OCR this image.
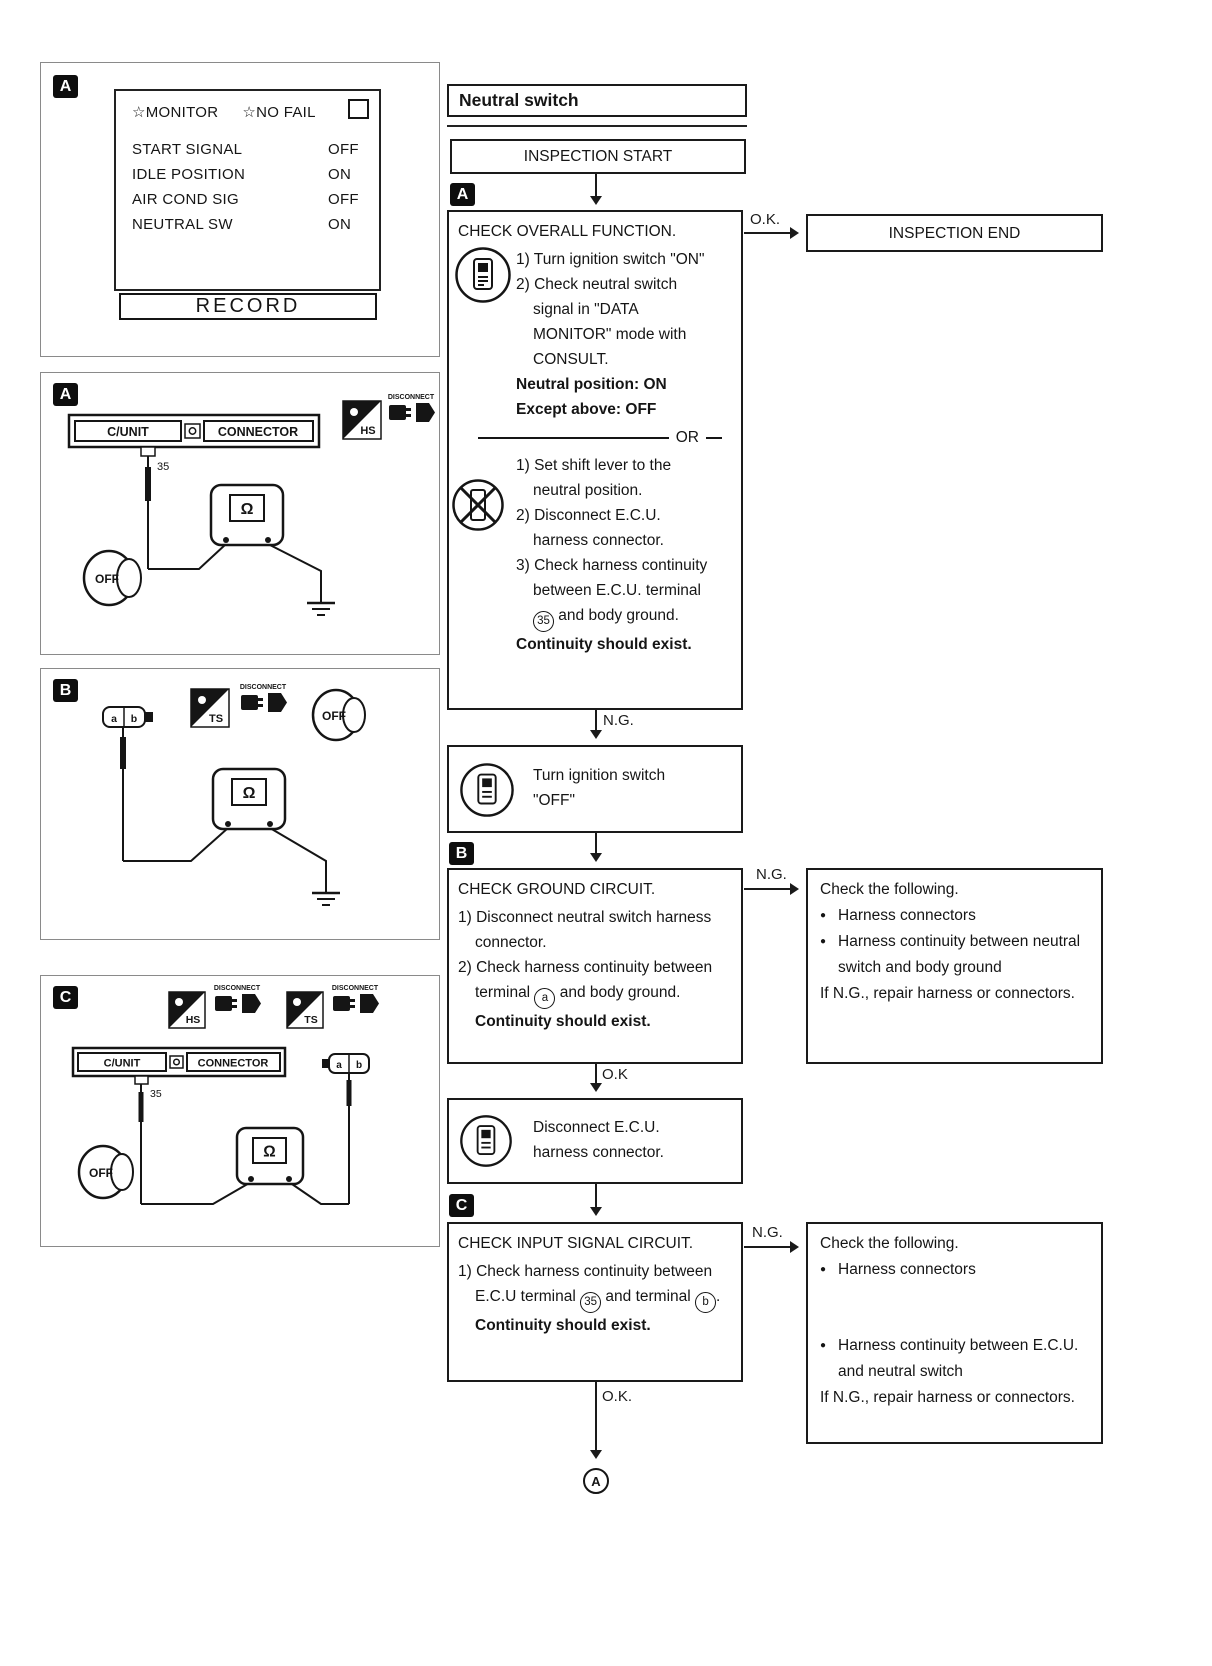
A
☆MONITOR ☆NO FAIL
START SIGNAL	OFF
IDLE POSITION	ON
AIR COND SIG	OFF
NEUTRAL SW	ON
RECORD
C/UNIT	CONNECTOR
35
Ω
OFF
HS
DISCONNECT
A
a b
Ω
TS
DISCONNECT
OFF
B
HS
DISCONNECT
TS
DISCONNECT
C/UNIT	CONNECTOR
35
a b
Ω
OFF
C
Neutral switch
INSPECTION START
A
CHECK OVERALL FUNCTION.
1) Turn ignition switch "ON"
2) Check neutral switch signal in "DATA MONITOR" mode with CONSULT.
Neutral position: ON
Except above: OFF
OR
1) Set shift lever to the neutral position.
2) Disconnect E.C.U. harness connector.
3) Check harness continuity between E.C.U. terminal 35 and body ground.
Continuity should exist.
O.K.
INSPECTION END
N.G.
Turn ignition switch "OFF"
B
CHECK GROUND CIRCUIT.
1) Disconnect neutral switch harness connector.
2) Check harness continuity between terminal a and body ground.
Continuity should exist.
N.G.
Check the following.
● Harness connectors
● Harness continuity between neutral switch and body ground
If N.G., repair harness or connectors.
O.K
Disconnect E.C.U. harness connector.
C
CHECK INPUT SIGNAL CIRCUIT.
1) Check harness continuity between E.C.U terminal 35 and terminal b .
Continuity should exist.
N.G.
Check the following.
● Harness connectors
● Harness continuity between E.C.U. and neutral switch
If N.G., repair harness or connectors.
O.K.
A
